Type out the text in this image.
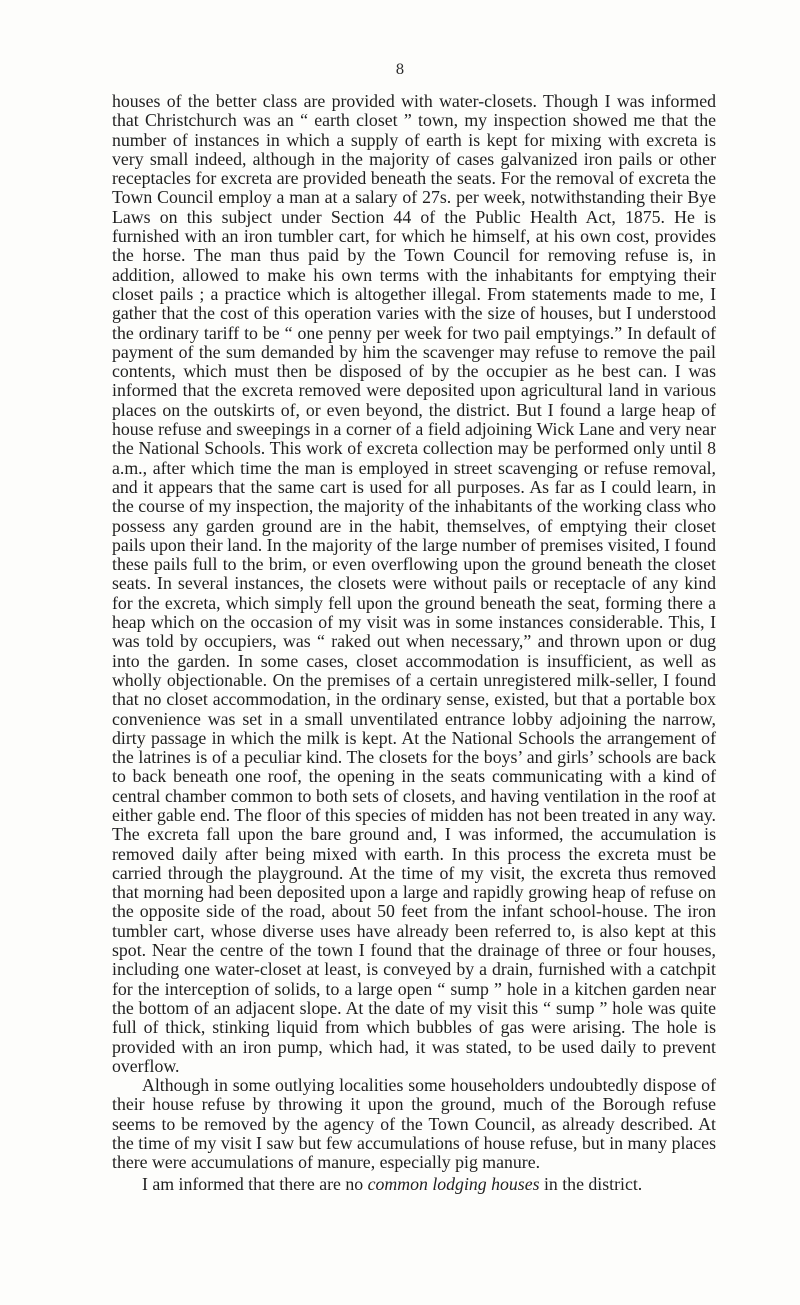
8

houses of the better class are provided with water-closets. Though I was informed that Christchurch was an “ earth closet ” town, my inspection showed me that the number of instances in which a supply of earth is kept for mixing with excreta is very small indeed, although in the majority of cases galvanized iron pails or other receptacles for excreta are provided beneath the seats. For the removal of excreta the Town Council employ a man at a salary of 27s. per week, notwithstanding their Bye Laws on this subject under Section 44 of the Public Health Act, 1875. He is furnished with an iron tumbler cart, for which he himself, at his own cost, provides the horse. The man thus paid by the Town Council for removing refuse is, in addition, allowed to make his own terms with the inhabitants for emptying their closet pails ; a practice which is altogether illegal. From statements made to me, I gather that the cost of this operation varies with the size of houses, but I understood the ordinary tariff to be “ one penny per week for two pail emptyings.” In default of payment of the sum demanded by him the scavenger may refuse to remove the pail contents, which must then be disposed of by the occupier as he best can. I was informed that the excreta removed were deposited upon agricultural land in various places on the outskirts of, or even beyond, the district. But I found a large heap of house refuse and sweepings in a corner of a field adjoining Wick Lane and very near the National Schools. This work of excreta collection may be performed only until 8 a.m., after which time the man is employed in street scavenging or refuse removal, and it appears that the same cart is used for all purposes. As far as I could learn, in the course of my inspection, the majority of the inhabitants of the working class who possess any garden ground are in the habit, themselves, of emptying their closet pails upon their land. In the majority of the large number of premises visited, I found these pails full to the brim, or even overflowing upon the ground beneath the closet seats. In several instances, the closets were without pails or receptacle of any kind for the excreta, which simply fell upon the ground beneath the seat, forming there a heap which on the occasion of my visit was in some instances considerable. This, I was told by occupiers, was “ raked out when necessary,” and thrown upon or dug into the garden. In some cases, closet accommodation is insufficient, as well as wholly objectionable. On the premises of a certain unregistered milk-seller, I found that no closet accommodation, in the ordinary sense, existed, but that a portable box convenience was set in a small unventilated entrance lobby adjoining the narrow, dirty passage in which the milk is kept. At the National Schools the arrangement of the latrines is of a peculiar kind. The closets for the boys’ and girls’ schools are back to back beneath one roof, the opening in the seats communicating with a kind of central chamber common to both sets of closets, and having ventilation in the roof at either gable end. The floor of this species of midden has not been treated in any way. The excreta fall upon the bare ground and, I was informed, the accumulation is removed daily after being mixed with earth. In this process the excreta must be carried through the playground. At the time of my visit, the excreta thus removed that morning had been deposited upon a large and rapidly growing heap of refuse on the opposite side of the road, about 50 feet from the infant school-house. The iron tumbler cart, whose diverse uses have already been referred to, is also kept at this spot. Near the centre of the town I found that the drainage of three or four houses, including one water-closet at least, is conveyed by a drain, furnished with a catchpit for the interception of solids, to a large open “ sump ” hole in a kitchen garden near the bottom of an adjacent slope. At the date of my visit this “ sump ” hole was quite full of thick, stinking liquid from which bubbles of gas were arising. The hole is provided with an iron pump, which had, it was stated, to be used daily to prevent overflow.

Although in some outlying localities some householders undoubtedly dispose of their house refuse by throwing it upon the ground, much of the Borough refuse seems to be removed by the agency of the Town Council, as already described. At the time of my visit I saw but few accumulations of house refuse, but in many places there were accumulations of manure, especially pig manure.

I am informed that there are no common lodging houses in the district.
